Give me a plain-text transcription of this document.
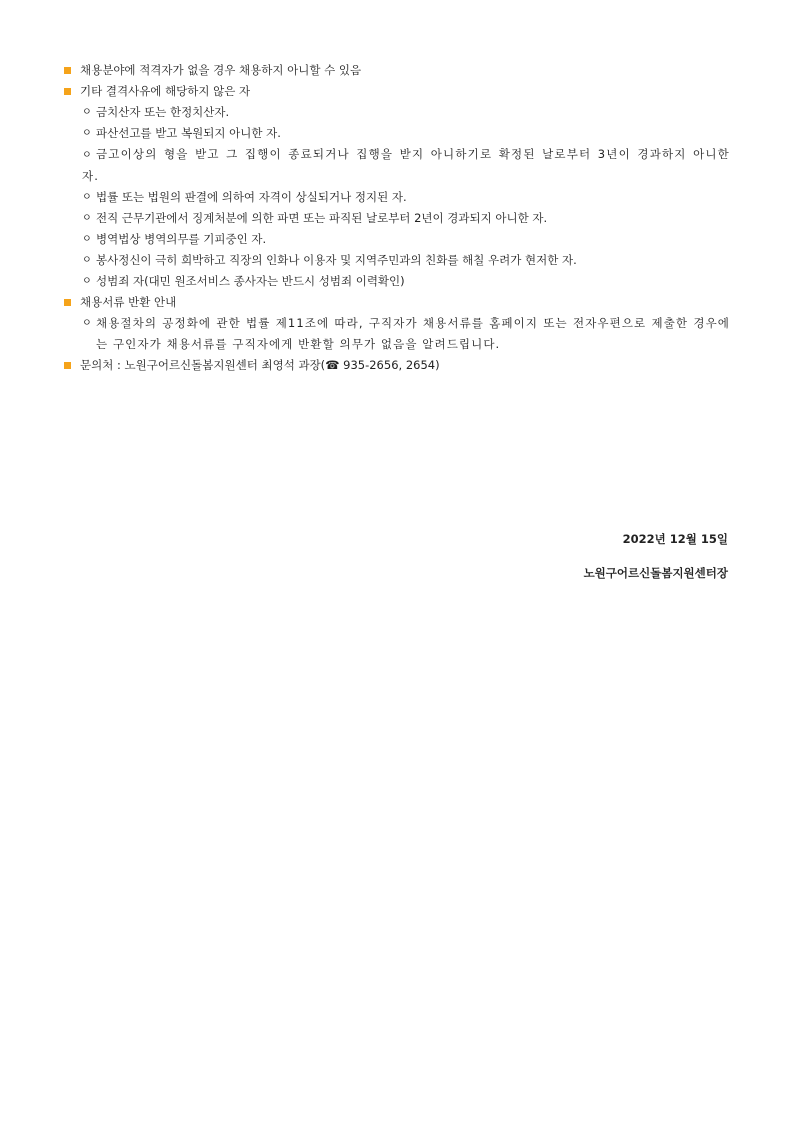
채용분야에 적격자가 없을 경우 채용하지 아니할 수 있음
기타 결격사유에 해당하지 않은 자
ㅇ 금치산자 또는 한정치산자.
ㅇ 파산선고를 받고 복원되지 아니한 자.
ㅇ 금고이상의 형을 받고 그 집행이 종료되거나 집행을 받지 아니하기로 확정된 날로부터 3년이 경과하지 아니한 자.
ㅇ 법률 또는 법원의 판결에 의하여 자격이 상실되거나 정지된 자.
ㅇ 전직 근무기관에서 징계처분에 의한 파면 또는 파직된 날로부터 2년이 경과되지 아니한 자.
ㅇ 병역법상 병역의무를 기피중인 자.
ㅇ 봉사정신이 극히 희박하고 직장의 인화나 이용자 및 지역주민과의 친화를 해칠 우려가 현저한 자.
ㅇ 성범죄 자(대민 원조서비스 종사자는 반드시 성범죄 이력확인)
채용서류 반환 안내
ㅇ 채용절차의 공정화에 관한 법률 제11조에 따라, 구직자가 채용서류를 홈페이지 또는 전자우편으로 제출한 경우에는 구인자가 채용서류를 구직자에게 반환할 의무가 없음을 알려드립니다.
문의처 : 노원구어르신돌봄지원센터 최영석 과장(☎ 935-2656, 2654)
2022년 12월 15일
노원구어르신돌봄지원센터장
